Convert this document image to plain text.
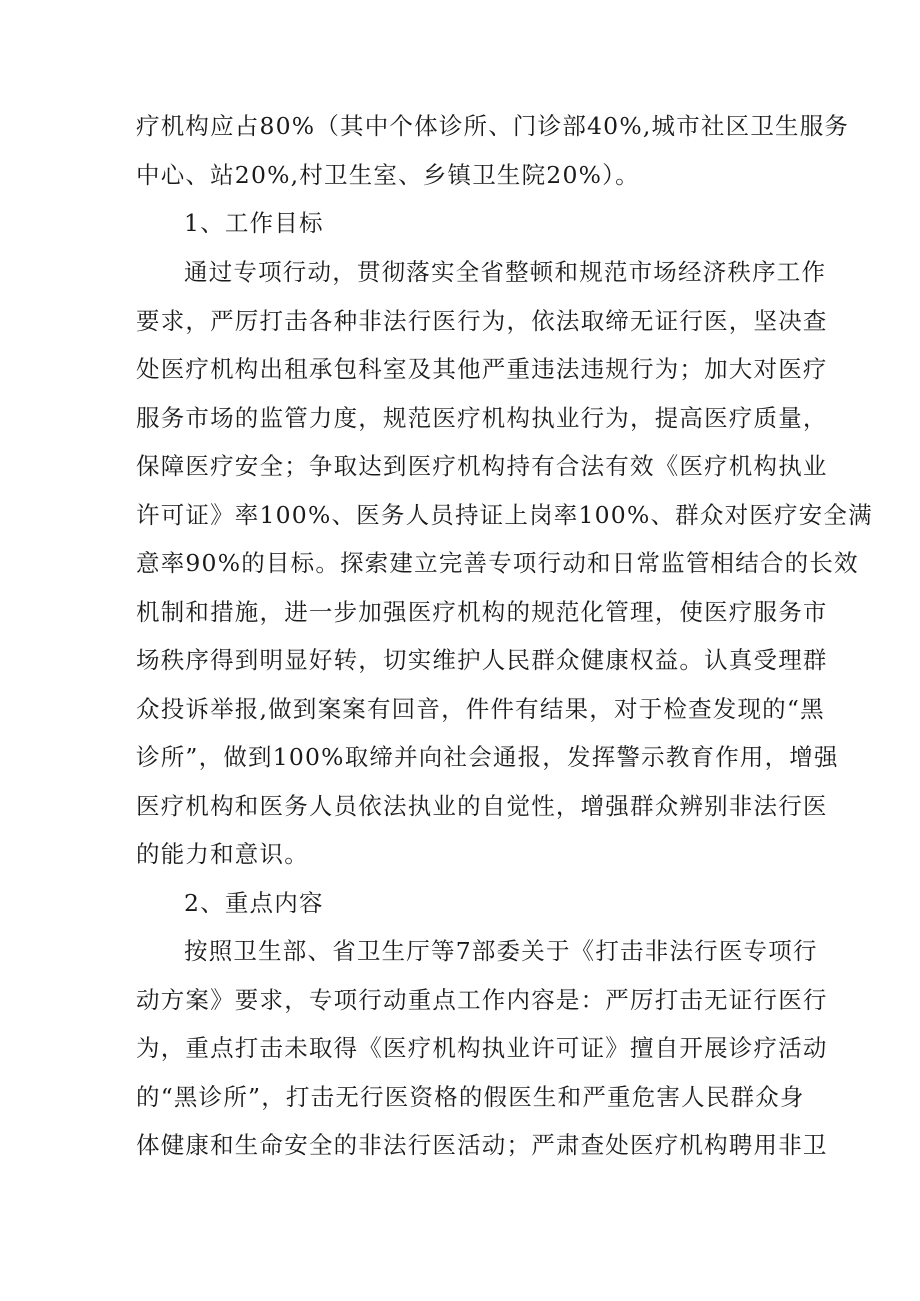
疗机构应占80%（其中个体诊所、门诊部40%,城市社区卫生服务
中心、站20%,村卫生室、乡镇卫生院20%）。
1、工作目标
通过专项行动，贯彻落实全省整顿和规范市场经济秩序工作
要求，严厉打击各种非法行医行为，依法取缔无证行医，坚决查
处医疗机构出租承包科室及其他严重违法违规行为；加大对医疗
服务市场的监管力度，规范医疗机构执业行为，提高医疗质量，
保障医疗安全；争取达到医疗机构持有合法有效《医疗机构执业
许可证》率100%、医务人员持证上岗率100%、群众对医疗安全满
意率90%的目标。探索建立完善专项行动和日常监管相结合的长效
机制和措施，进一步加强医疗机构的规范化管理，使医疗服务市
场秩序得到明显好转，切实维护人民群众健康权益。认真受理群
众投诉举报,做到案案有回音，件件有结果，对于检查发现的“黑
诊所”，做到100%取缔并向社会通报，发挥警示教育作用，增强
医疗机构和医务人员依法执业的自觉性，增强群众辨别非法行医
的能力和意识。
2、重点内容
按照卫生部、省卫生厅等7部委关于《打击非法行医专项行
动方案》要求，专项行动重点工作内容是：严厉打击无证行医行
为，重点打击未取得《医疗机构执业许可证》擅自开展诊疗活动
的“黑诊所”，打击无行医资格的假医生和严重危害人民群众身
体健康和生命安全的非法行医活动；严肃查处医疗机构聘用非卫
